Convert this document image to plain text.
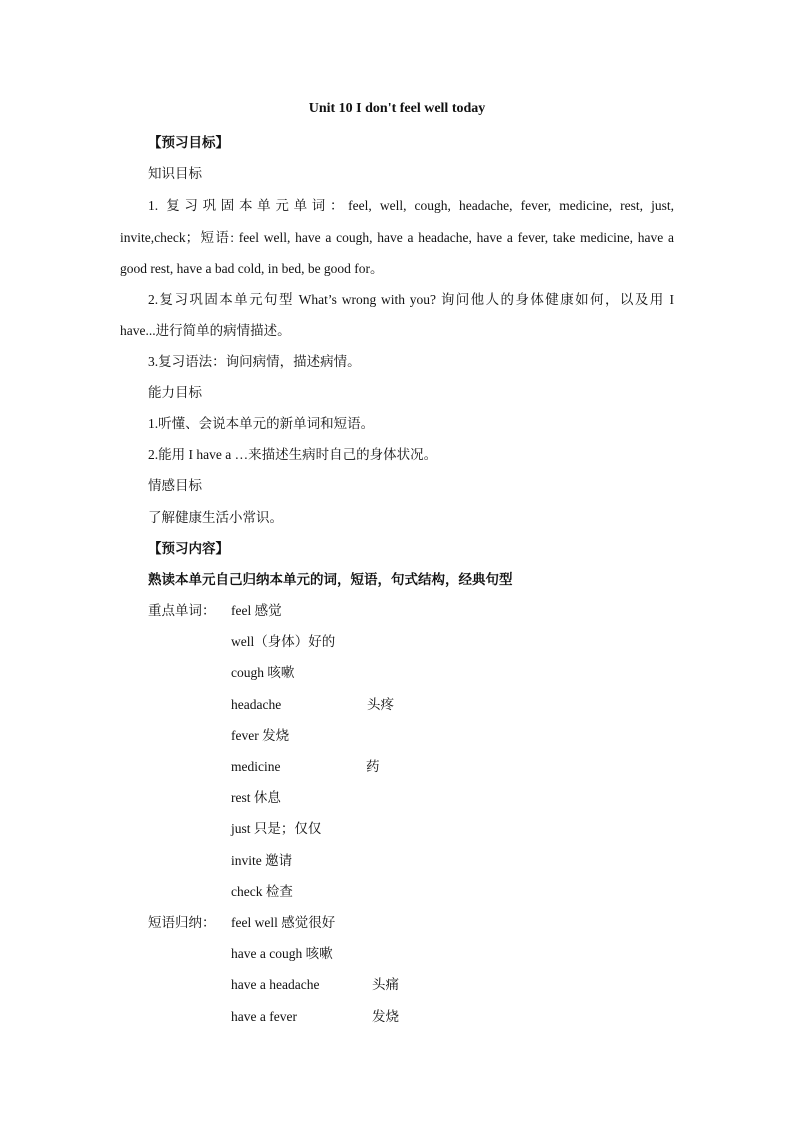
Unit 10 I don't feel well today
【预习目标】
知识目标
1. 复习巩固本单元单词：feel, well, cough, headache, fever, medicine, rest, just,
invite,check；短语: feel well, have a cough, have a headache, have a fever, take medicine, have a
good rest, have a bad cold, in bed, be good for。
2.复习巩固本单元句型 What’s wrong with you? 询问他人的身体健康如何，以及用 I
have...进行简单的病情描述。
3.复习语法：询问病情，描述病情。
能力目标
1.听懂、会说本单元的新单词和短语。
2.能用 I have a …来描述生病时自己的身体状况。
情感目标
了解健康生活小常识。
【预习内容】
熟读本单元自己归纳本单元的词，短语，句式结构，经典句型
重点单词： feel 感觉
well（身体）好的
cough 咳嗽
headache	头疼
fever 发烧
medicine	药
rest 休息
just 只是；仅仅
invite 邀请
check 检查
短语归纳： feel well 感觉很好
have a cough 咳嗽
have a headache	头痛
have a fever	发烧
